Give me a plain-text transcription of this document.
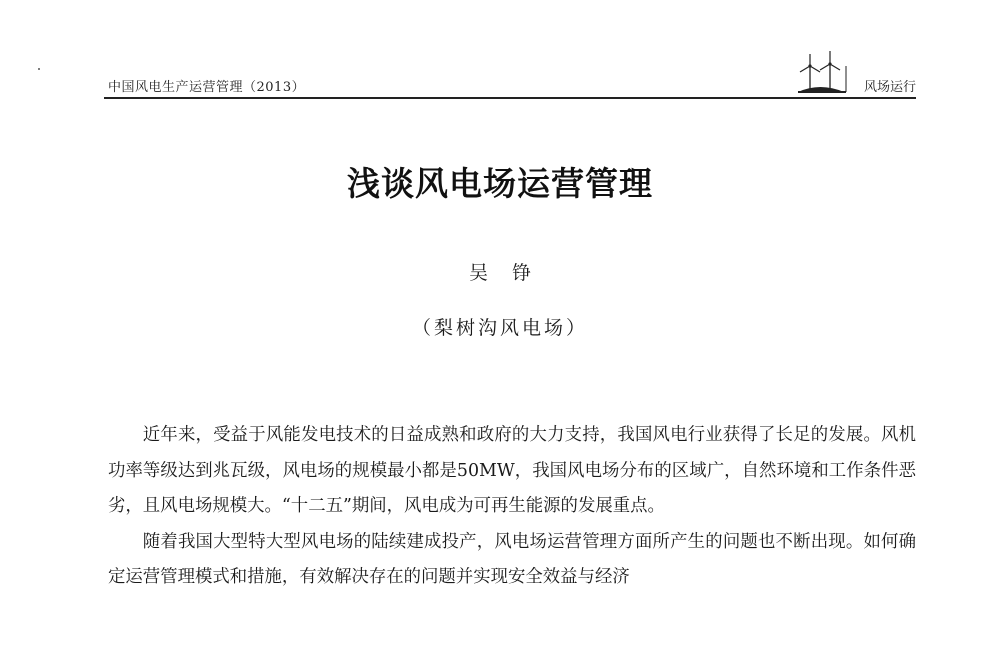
中国风电生产运营管理（2013）	风场运行
浅谈风电场运营管理
吴铮
（梨树沟风电场）

近年来，受益于风能发电技术的日益成熟和政府的大力支持，我国风电行业获得了长足的发展。风机功率等级达到兆瓦级，风电场的规模最小都是50MW，我国风电场分布的区域广，自然环境和工作条件恶劣，且风电场规模大。“十二五”期间，风电成为可再生能源的发展重点。

随着我国大型特大型风电场的陆续建成投产，风电场运营管理方面所产生的问题也不断出现。如何确定运营管理模式和措施，有效解决存在的问题并实现安全效益与经济
